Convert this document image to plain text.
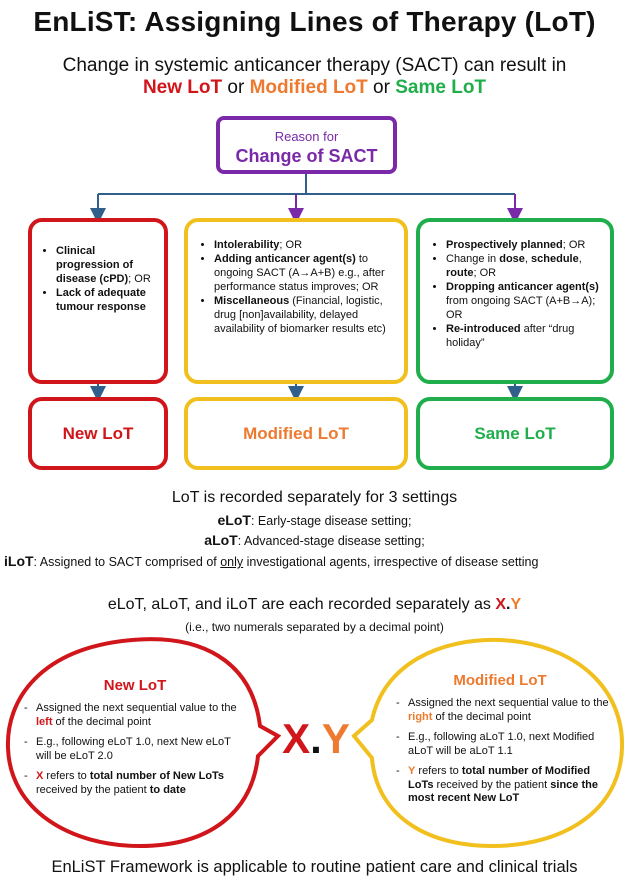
EnLiST: Assigning Lines of Therapy (LoT)
Change in systemic anticancer therapy (SACT) can result in
New LoT or Modified LoT or Same LoT
Reason for
Change of SACT
• Clinical progression of disease (cPD); OR
• Lack of adequate tumour response
• Intolerability; OR
• Adding anticancer agent(s) to ongoing SACT (A→A+B) e.g., after performance status improves; OR
• Miscellaneous (Financial, logistic, drug [non]availability, delayed availability of biomarker results etc)
• Prospectively planned; OR
• Change in dose, schedule, route; OR
• Dropping anticancer agent(s) from ongoing SACT (A+B→A); OR
• Re-introduced after “drug holiday”
New LoT	Modified LoT	Same LoT
LoT is recorded separately for 3 settings
eLoT: Early-stage disease setting;
aLoT: Advanced-stage disease setting;
iLoT: Assigned to SACT comprised of only investigational agents, irrespective of disease setting
eLoT, aLoT, and iLoT are each recorded separately as X.Y
(i.e., two numerals separated by a decimal point)
X.Y
New LoT
- Assigned the next sequential value to the left of the decimal point
- E.g., following eLoT 1.0, next New eLoT will be eLoT 2.0
- X refers to total number of New LoTs received by the patient to date
Modified LoT
- Assigned the next sequential value to the right of the decimal point
- E.g., following aLoT 1.0, next Modified aLoT will be aLoT 1.1
- Y refers to total number of Modified LoTs received by the patient since the most recent New LoT
EnLiST Framework is applicable to routine patient care and clinical trials
